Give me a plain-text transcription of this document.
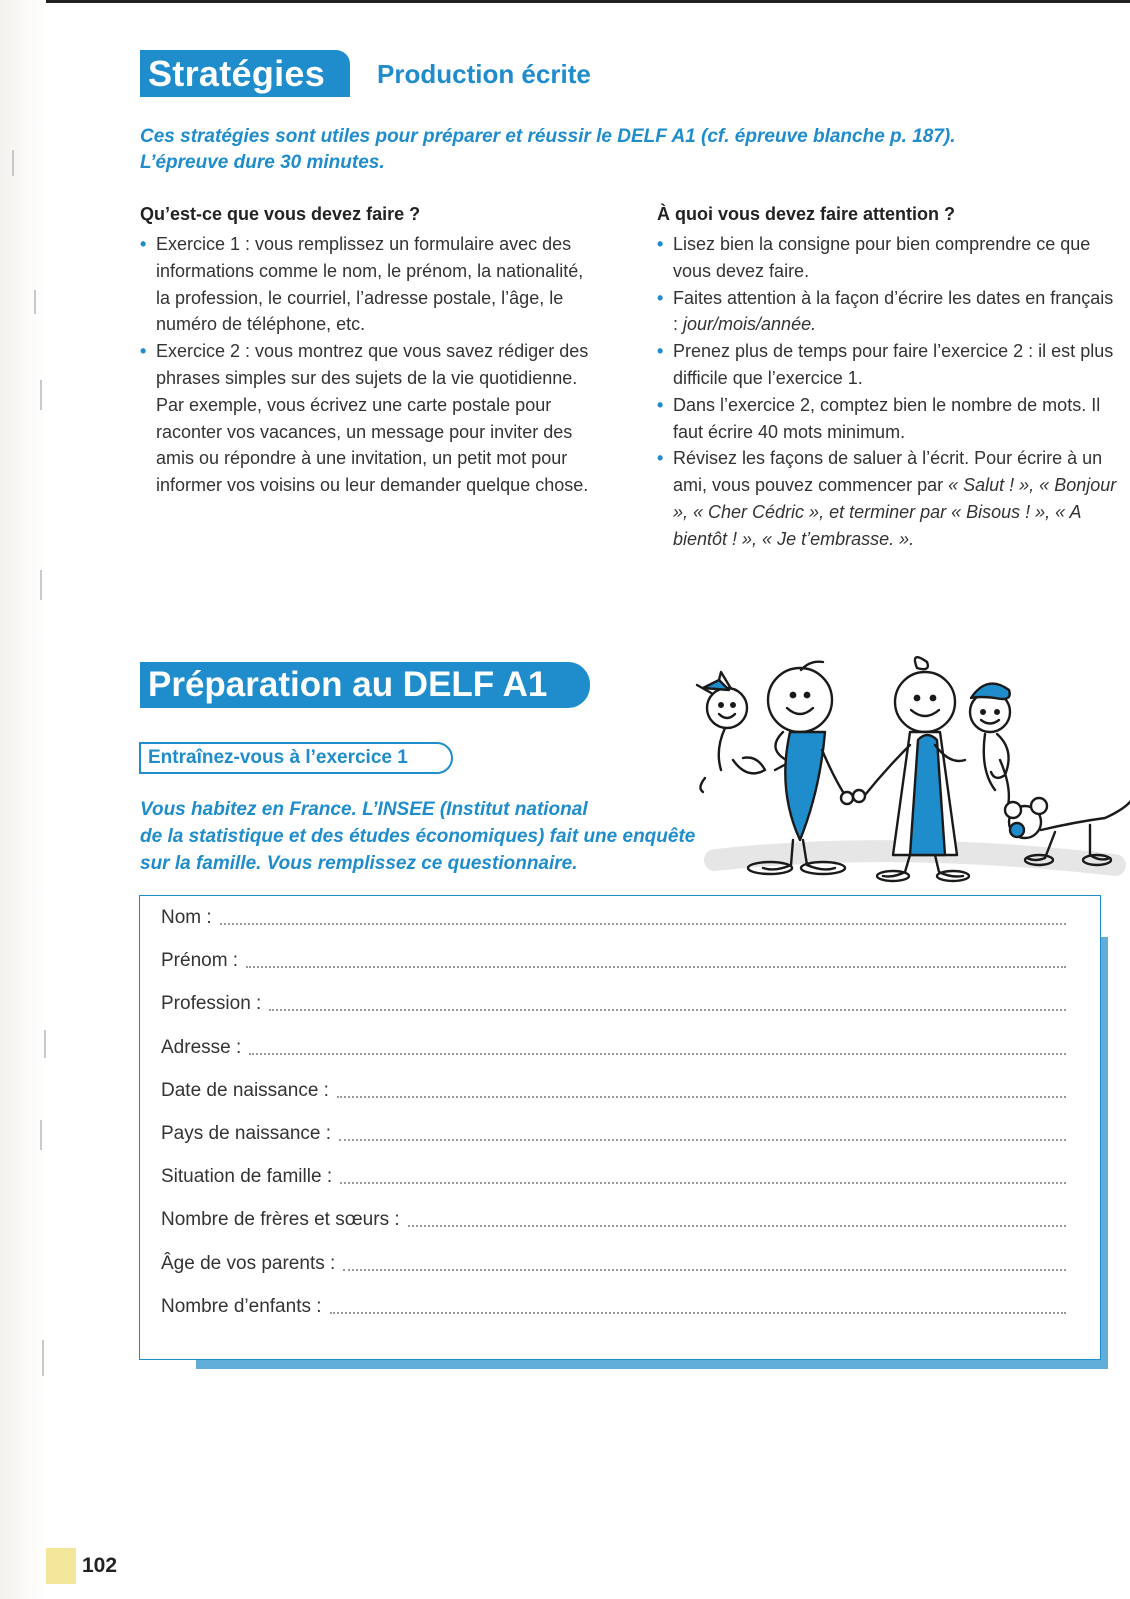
Stratégies	Production écrite
Ces stratégies sont utiles pour préparer et réussir le DELF A1 (cf. épreuve blanche p. 187).
L’épreuve dure 30 minutes.
Qu’est-ce que vous devez faire ?
• Exercice 1 : vous remplissez un formulaire avec des informations comme le nom, le prénom, la nationalité, la profession, le courriel, l’adresse postale, l’âge, le numéro de téléphone, etc.
• Exercice 2 : vous montrez que vous savez rédiger des phrases simples sur des sujets de la vie quotidienne. Par exemple, vous écrivez une carte postale pour raconter vos vacances, un message pour inviter des amis ou répondre à une invitation, un petit mot pour informer vos voisins ou leur demander quelque chose.
À quoi vous devez faire attention ?
• Lisez bien la consigne pour bien comprendre ce que vous devez faire.
• Faites attention à la façon d’écrire les dates en français : jour/mois/année.
• Prenez plus de temps pour faire l’exercice 2 : il est plus difficile que l’exercice 1.
• Dans l’exercice 2, comptez bien le nombre de mots. Il faut écrire 40 mots minimum.
• Révisez les façons de saluer à l’écrit. Pour écrire à un ami, vous pouvez commencer par « Salut ! », « Bonjour », « Cher Cédric », et terminer par « Bisous ! », « A bientôt ! », « Je t’embrasse. ».
Préparation au DELF A1
Entraînez-vous à l’exercice 1
Vous habitez en France. L’INSEE (Institut national
de la statistique et des études économiques) fait une enquête
sur la famille. Vous remplissez ce questionnaire.
Nom :
Prénom :
Profession :
Adresse :
Date de naissance :
Pays de naissance :
Situation de famille :
Nombre de frères et sœurs :
Âge de vos parents :
Nombre d’enfants :
102
